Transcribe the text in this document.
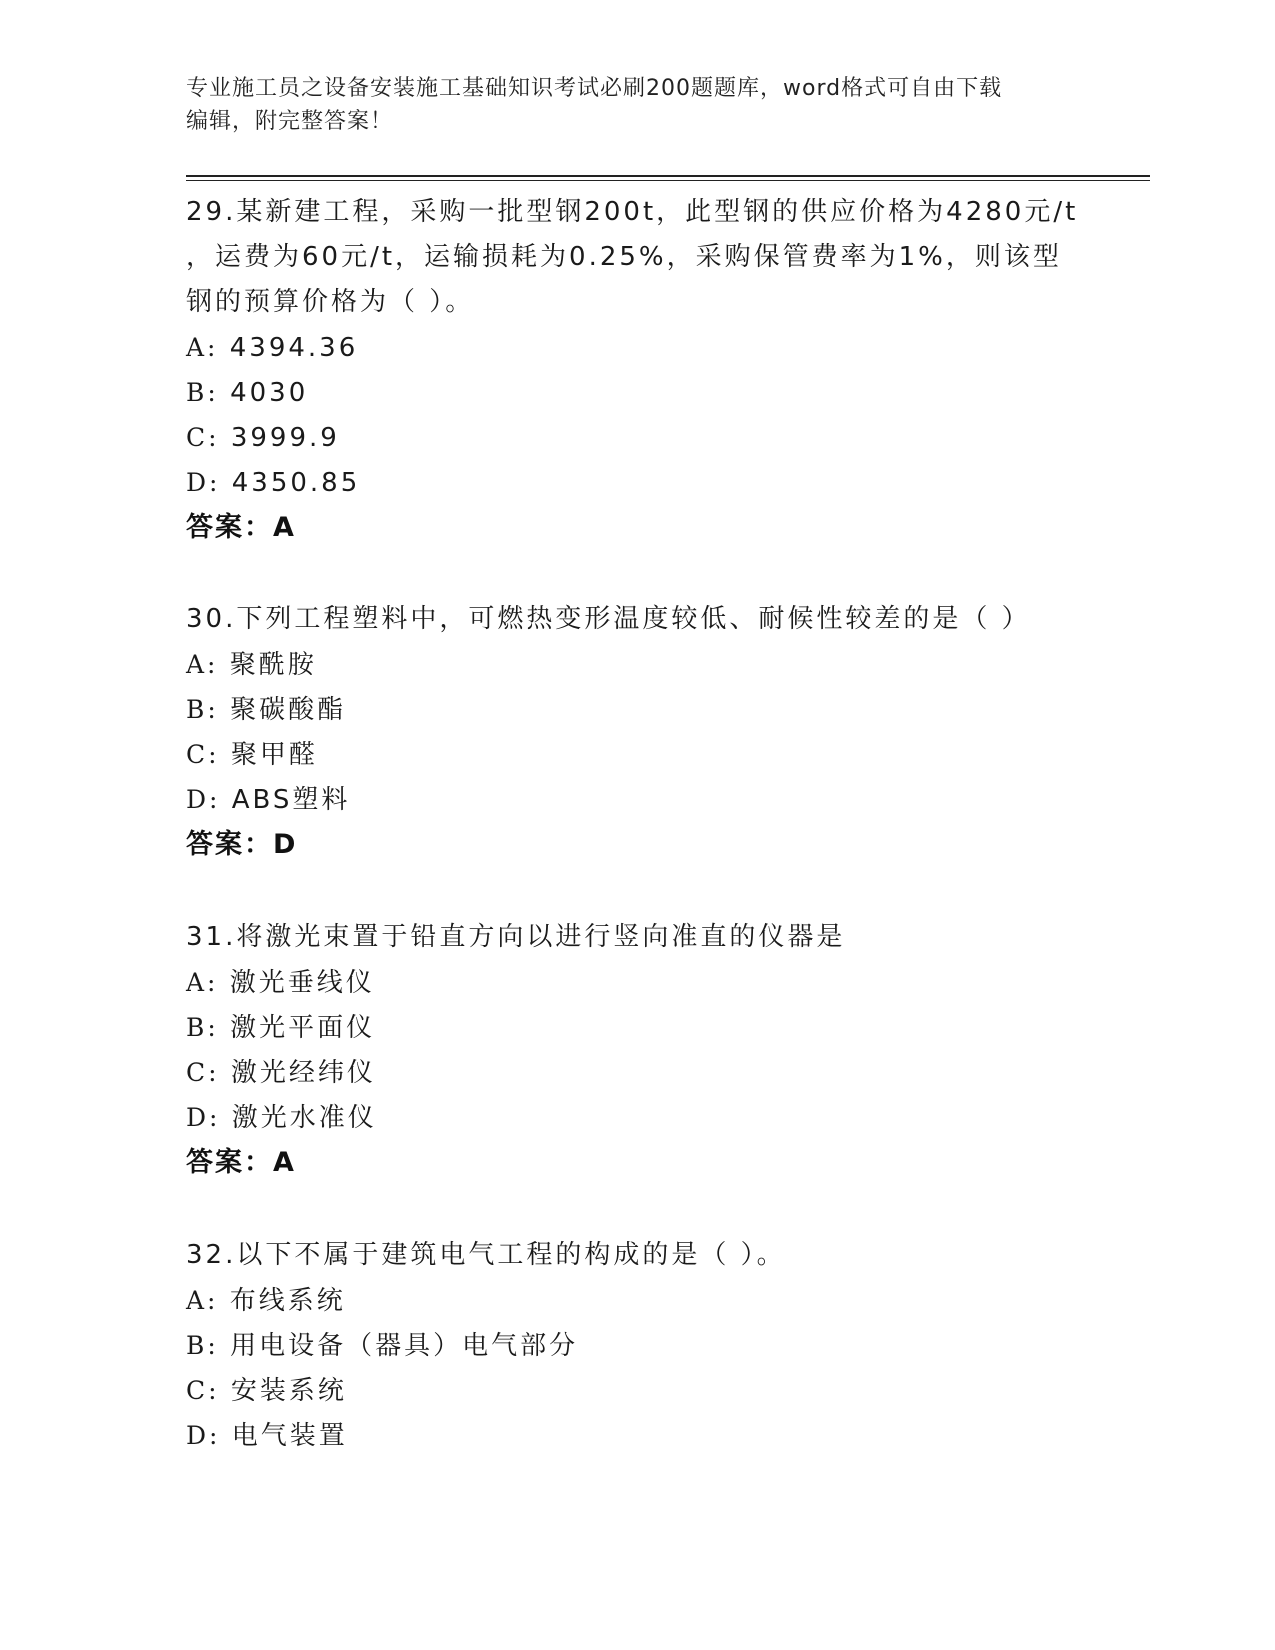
专业施工员之设备安装施工基础知识考试必刷200题题库，word格式可自由下载
编辑，附完整答案！
29.某新建工程，采购一批型钢200t，此型钢的供应价格为4280元/t
，运费为60元/t，运输损耗为0.25%，采购保管费率为1%，则该型
钢的预算价格为（ ）。
A: 4394.36
B: 4030
C: 3999.9
D: 4350.85
答案：A
30.下列工程塑料中，可燃热变形温度较低、耐候性较差的是（ ）
A: 聚酰胺
B: 聚碳酸酯
C: 聚甲醛
D: ABS塑料
答案：D
31.将激光束置于铅直方向以进行竖向准直的仪器是
A: 激光垂线仪
B: 激光平面仪
C: 激光经纬仪
D: 激光水准仪
答案：A
32.以下不属于建筑电气工程的构成的是（ ）。
A: 布线系统
B: 用电设备（器具）电气部分
C: 安装系统
D: 电气装置
